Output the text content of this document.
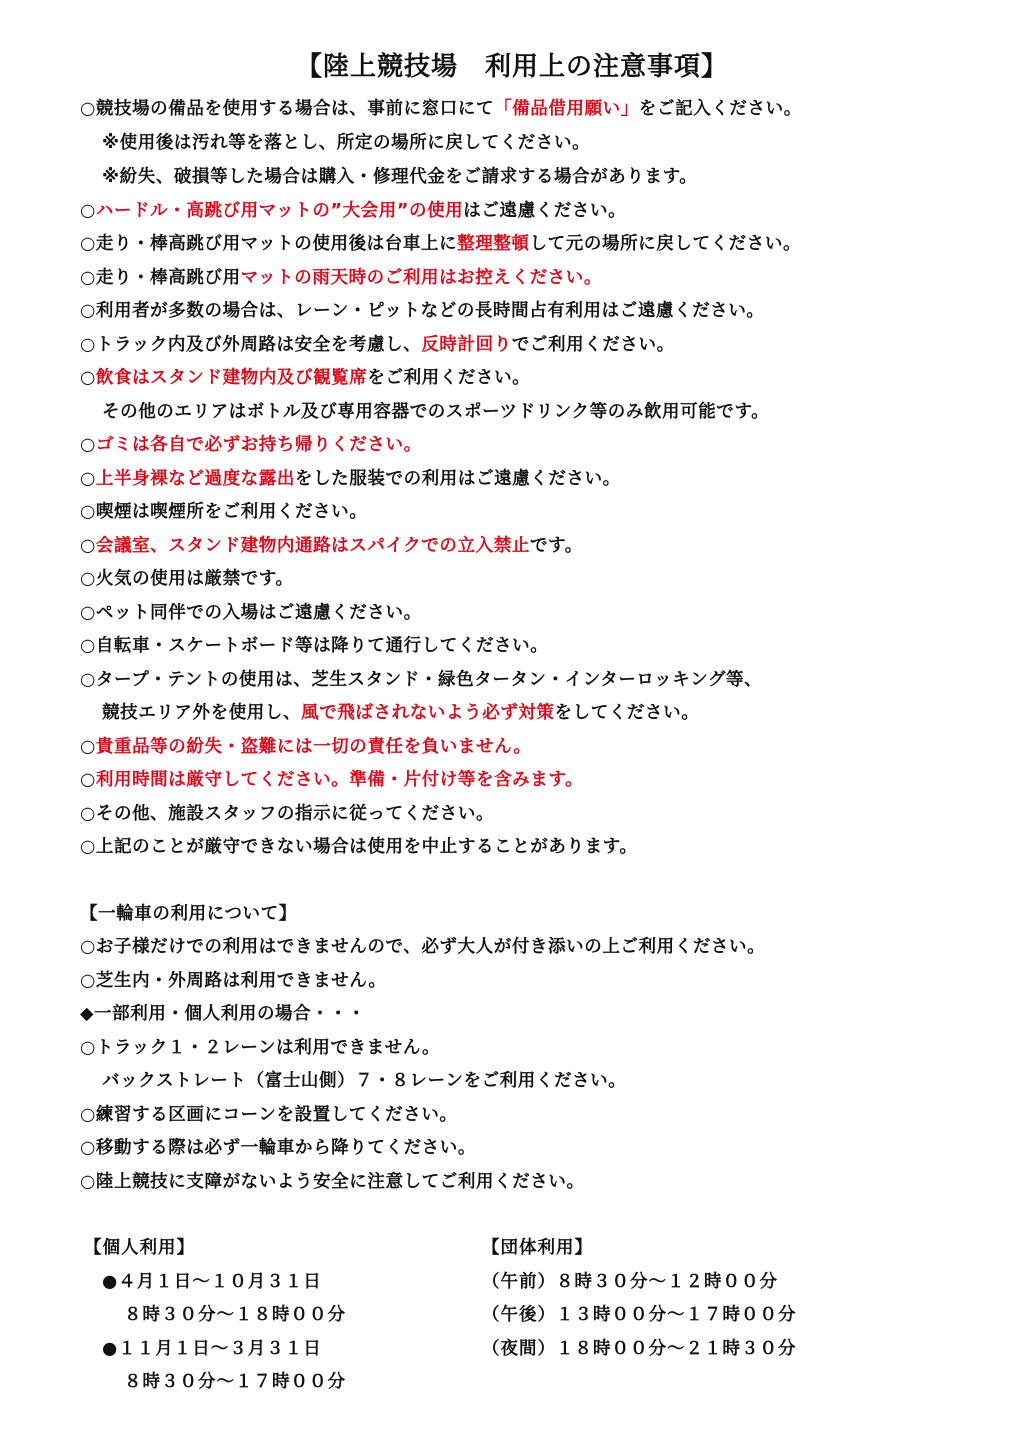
【陸上競技場　利用上の注意事項】
○競技場の備品を使用する場合は、事前に窓口にて「備品借用願い」をご記入ください。
※使用後は汚れ等を落とし、所定の場所に戻してください。
※紛失、破損等した場合は購入・修理代金をご請求する場合があります。
○ハードル・高跳び用マットの”大会用”の使用はご遠慮ください。
○走り・棒高跳び用マットの使用後は台車上に整理整頓して元の場所に戻してください。
○走り・棒高跳び用マットの雨天時のご利用はお控えください。
○利用者が多数の場合は、レーン・ピットなどの長時間占有利用はご遠慮ください。
○トラック内及び外周路は安全を考慮し、反時計回りでご利用ください。
○飲食はスタンド建物内及び観覧席をご利用ください。
その他のエリアはボトル及び専用容器でのスポーツドリンク等のみ飲用可能です。
○ゴミは各自で必ずお持ち帰りください。
○上半身裸など過度な露出をした服装での利用はご遠慮ください。
○喫煙は喫煙所をご利用ください。
○会議室、スタンド建物内通路はスパイクでの立入禁止です。
○火気の使用は厳禁です。
○ペット同伴での入場はご遠慮ください。
○自転車・スケートボード等は降りて通行してください。
○タープ・テントの使用は、芝生スタンド・緑色タータン・インターロッキング等、
競技エリア外を使用し、風で飛ばされないよう必ず対策をしてください。
○貴重品等の紛失・盗難には一切の責任を負いません。
○利用時間は厳守してください。準備・片付け等を含みます。
○その他、施設スタッフの指示に従ってください。
○上記のことが厳守できない場合は使用を中止することがあります。
【一輪車の利用について】
○お子様だけでの利用はできませんので、必ず大人が付き添いの上ご利用ください。
○芝生内・外周路は利用できません。
◆一部利用・個人利用の場合・・・
○トラック１・２レーンは利用できません。
バックストレート（富士山側）７・８レーンをご利用ください。
○練習する区画にコーンを設置してください。
○移動する際は必ず一輪車から降りてください。
○陸上競技に支障がないよう安全に注意してご利用ください。
【個人利用】
●４月１日～１０月３１日
８時３０分～１８時００分
●１１月１日～３月３１日
８時３０分～１７時００分
【団体利用】
（午前）８時３０分～１２時００分
（午後）１３時００分～１７時００分
（夜間）１８時００分～２１時３０分
